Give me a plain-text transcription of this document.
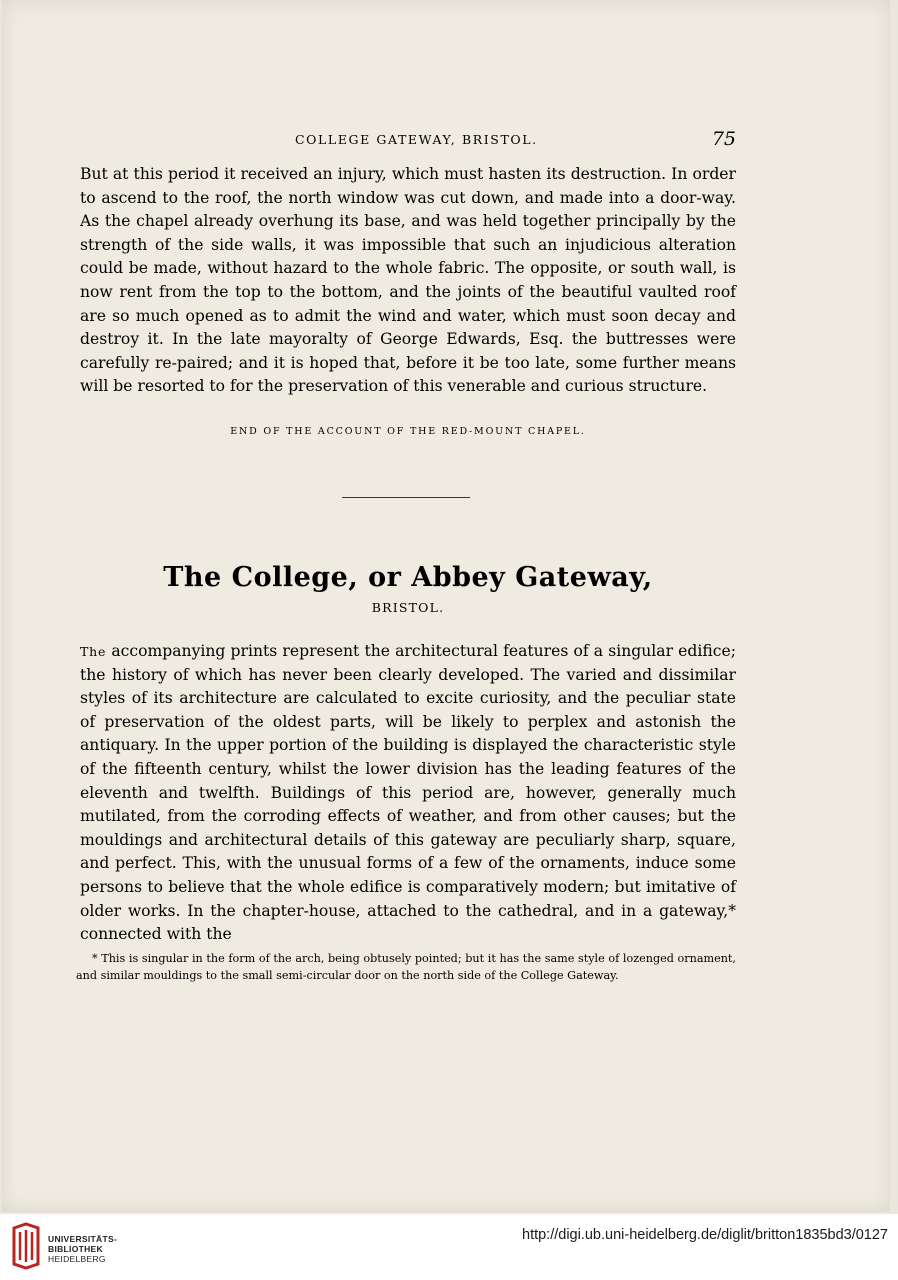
COLLEGE GATEWAY, BRISTOL.	75

But at this period it received an injury, which must hasten its destruction. In order to ascend to the roof, the north window was cut down, and made into a door-way. As the chapel already overhung its base, and was held together principally by the strength of the side walls, it was impossible that such an injudicious alteration could be made, without hazard to the whole fabric. The opposite, or south wall, is now rent from the top to the bottom, and the joints of the beautiful vaulted roof are so much opened as to admit the wind and water, which must soon decay and destroy it. In the late mayoralty of George Edwards, Esq. the buttresses were carefully re-paired; and it is hoped that, before it be too late, some further means will be resorted to for the preservation of this venerable and curious structure.

END OF THE ACCOUNT OF THE RED-MOUNT CHAPEL.
The College, or Abbey Gateway,
BRISTOL.

The accompanying prints represent the architectural features of a singular edifice; the history of which has never been clearly developed. The varied and dissimilar styles of its architecture are calculated to excite curiosity, and the peculiar state of preservation of the oldest parts, will be likely to perplex and astonish the antiquary. In the upper portion of the building is displayed the characteristic style of the fifteenth century, whilst the lower division has the leading features of the eleventh and twelfth. Buildings of this period are, however, generally much mutilated, from the corroding effects of weather, and from other causes; but the mouldings and architectural details of this gateway are peculiarly sharp, square, and perfect. This, with the unusual forms of a few of the ornaments, induce some persons to believe that the whole edifice is comparatively modern; but imitative of older works. In the chapter-house, attached to the cathedral, and in a gateway,* connected with the

* This is singular in the form of the arch, being obtusely pointed; but it has the same style of lozenged ornament, and similar mouldings to the small semi-circular door on the north side of the College Gateway.

UNIVERSITÄTS-
BIBLIOTHEK
HEIDELBERG
http://digi.ub.uni-heidelberg.de/diglit/britton1835bd3/0127
